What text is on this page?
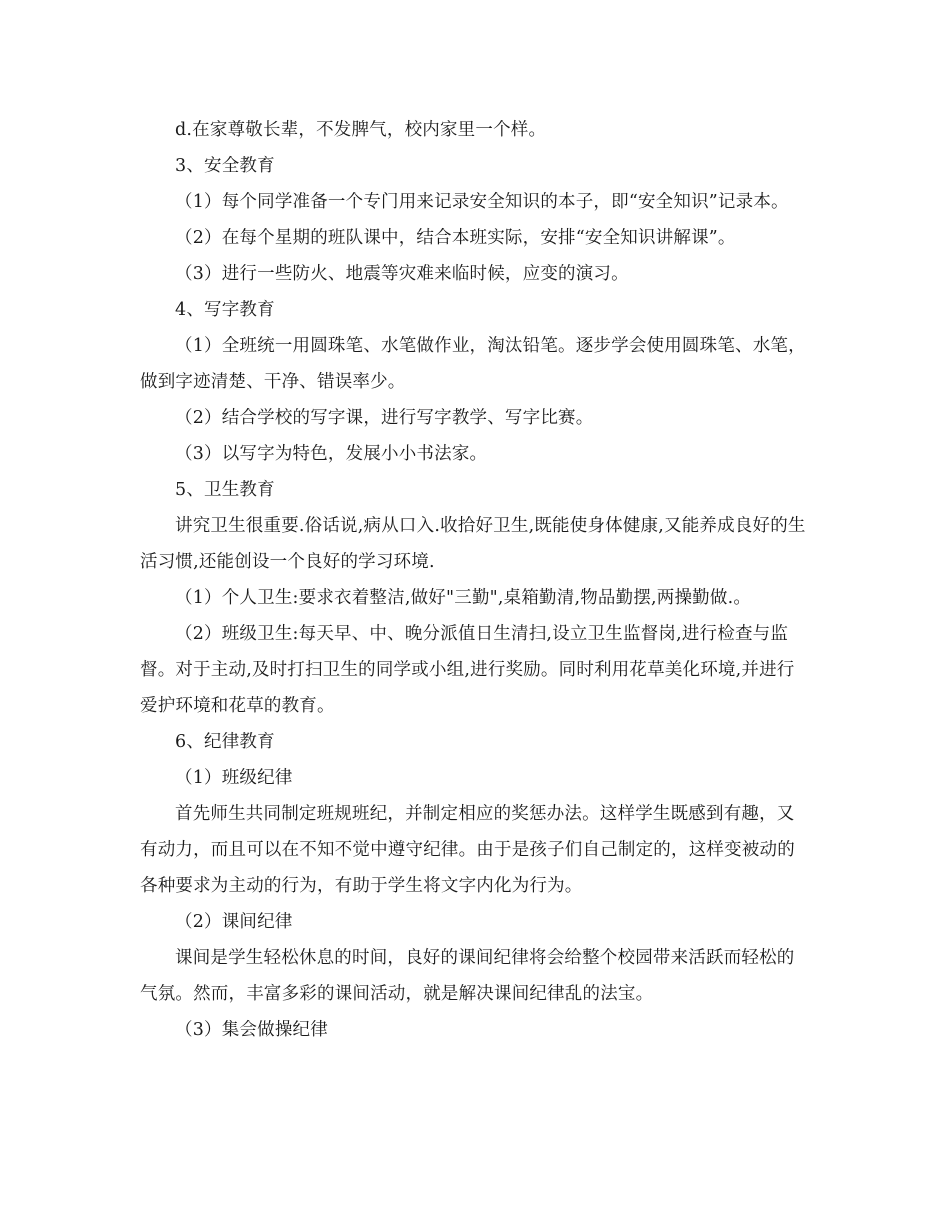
d.在家尊敬长辈，不发脾气，校内家里一个样。

3、安全教育

（1）每个同学准备一个专门用来记录安全知识的本子，即“安全知识”记录本。

（2）在每个星期的班队课中，结合本班实际，安排“安全知识讲解课”。

（3）进行一些防火、地震等灾难来临时候，应变的演习。

4、写字教育

（1）全班统一用圆珠笔、水笔做作业，淘汰铅笔。逐步学会使用圆珠笔、水笔，做到字迹清楚、干净、错误率少。

（2）结合学校的写字课，进行写字教学、写字比赛。

（3）以写字为特色，发展小小书法家。

5、卫生教育

讲究卫生很重要.俗话说,病从口入.收拾好卫生,既能使身体健康,又能养成良好的生活习惯,还能创设一个良好的学习环境.

（1）个人卫生:要求衣着整洁,做好"三勤",桌箱勤清,物品勤摆,两操勤做.。

（2）班级卫生:每天早、中、晚分派值日生清扫,设立卫生监督岗,进行检查与监督。对于主动,及时打扫卫生的同学或小组,进行奖励。同时利用花草美化环境,并进行爱护环境和花草的教育。

6、纪律教育

（1）班级纪律

首先师生共同制定班规班纪，并制定相应的奖惩办法。这样学生既感到有趣，又有动力，而且可以在不知不觉中遵守纪律。由于是孩子们自己制定的，这样变被动的各种要求为主动的行为，有助于学生将文字内化为行为。

（2）课间纪律

课间是学生轻松休息的时间，良好的课间纪律将会给整个校园带来活跃而轻松的气氛。然而，丰富多彩的课间活动，就是解决课间纪律乱的法宝。

（3）集会做操纪律
